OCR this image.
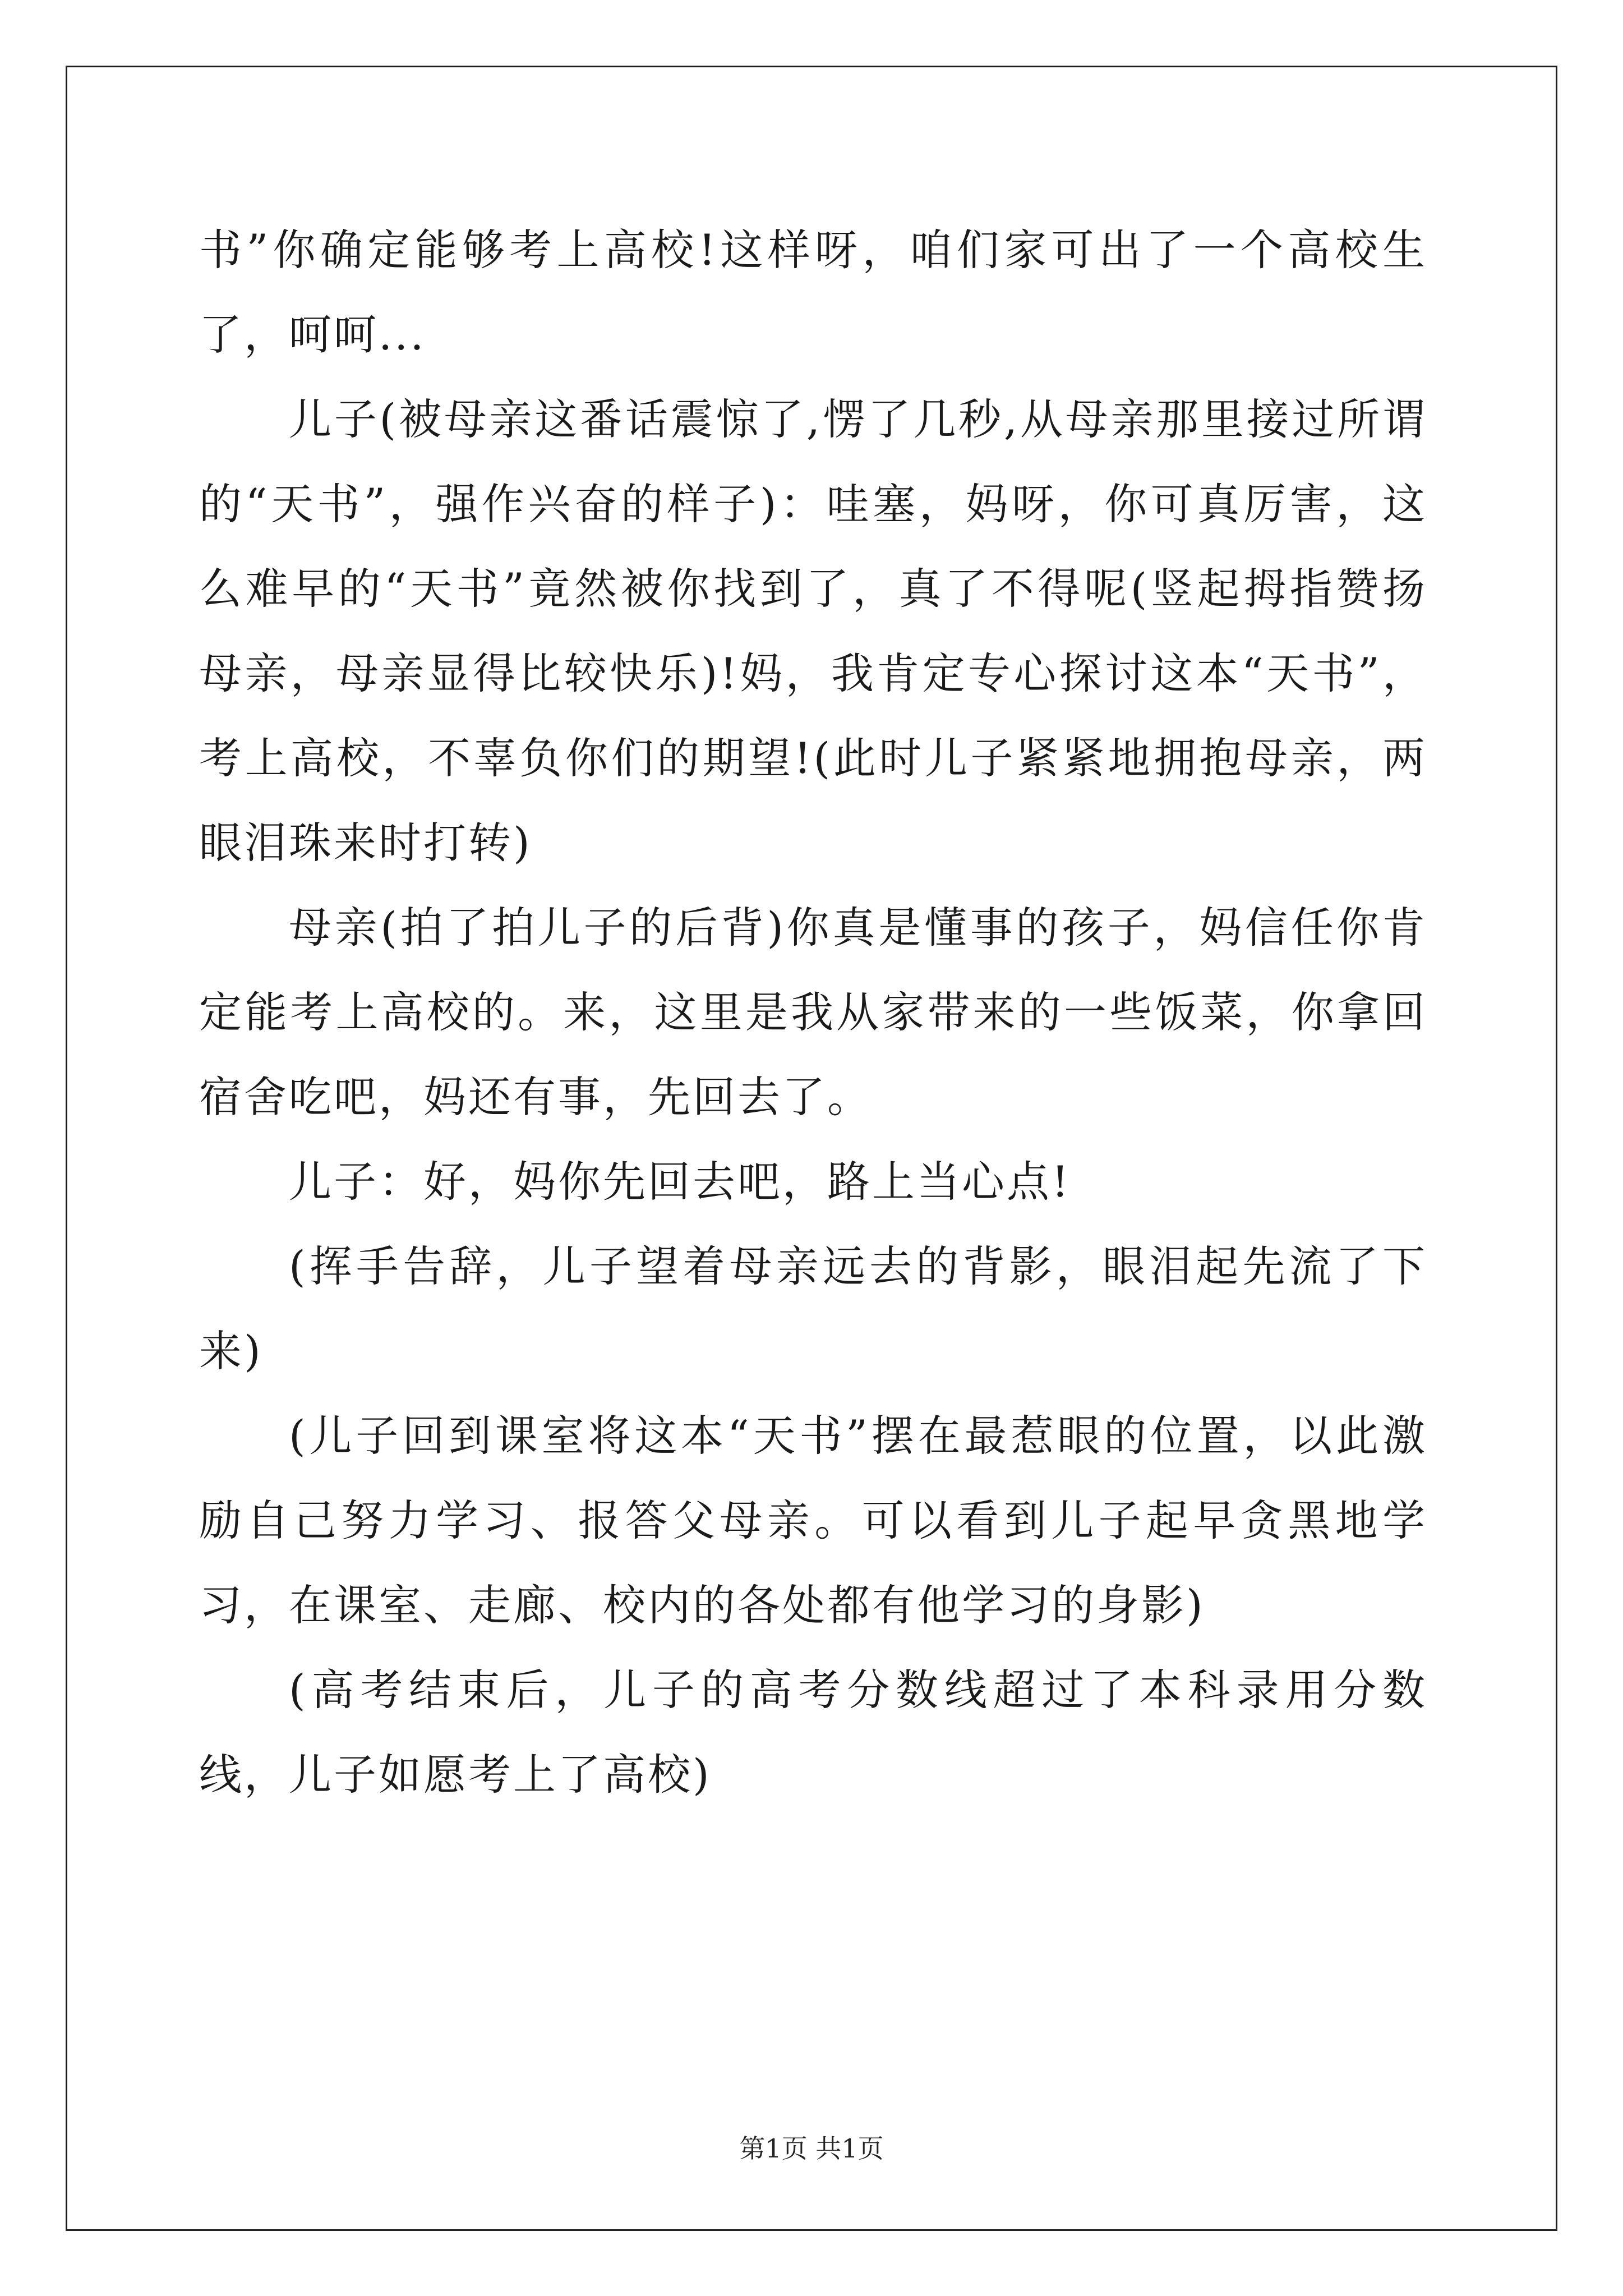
书”你确定能够考上高校!这样呀，咱们家可出了一个高校生了，呵呵...

儿子(被母亲这番话震惊了,愣了几秒,从母亲那里接过所谓的“天书”，强作兴奋的样子)：哇塞，妈呀，你可真厉害，这么难早的“天书”竟然被你找到了，真了不得呢(竖起拇指赞扬母亲，母亲显得比较快乐)!妈，我肯定专心探讨这本“天书”，考上高校，不辜负你们的期望!(此时儿子紧紧地拥抱母亲，两眼泪珠来时打转)

母亲(拍了拍儿子的后背)你真是懂事的孩子，妈信任你肯定能考上高校的。来，这里是我从家带来的一些饭菜，你拿回宿舍吃吧，妈还有事，先回去了。

儿子：好，妈你先回去吧，路上当心点!

(挥手告辞，儿子望着母亲远去的背影，眼泪起先流了下来)

(儿子回到课室将这本“天书”摆在最惹眼的位置，以此激励自己努力学习、报答父母亲。可以看到儿子起早贪黑地学习，在课室、走廊、校内的各处都有他学习的身影)

(高考结束后，儿子的高考分数线超过了本科录用分数线，儿子如愿考上了高校)

第1页 共1页
